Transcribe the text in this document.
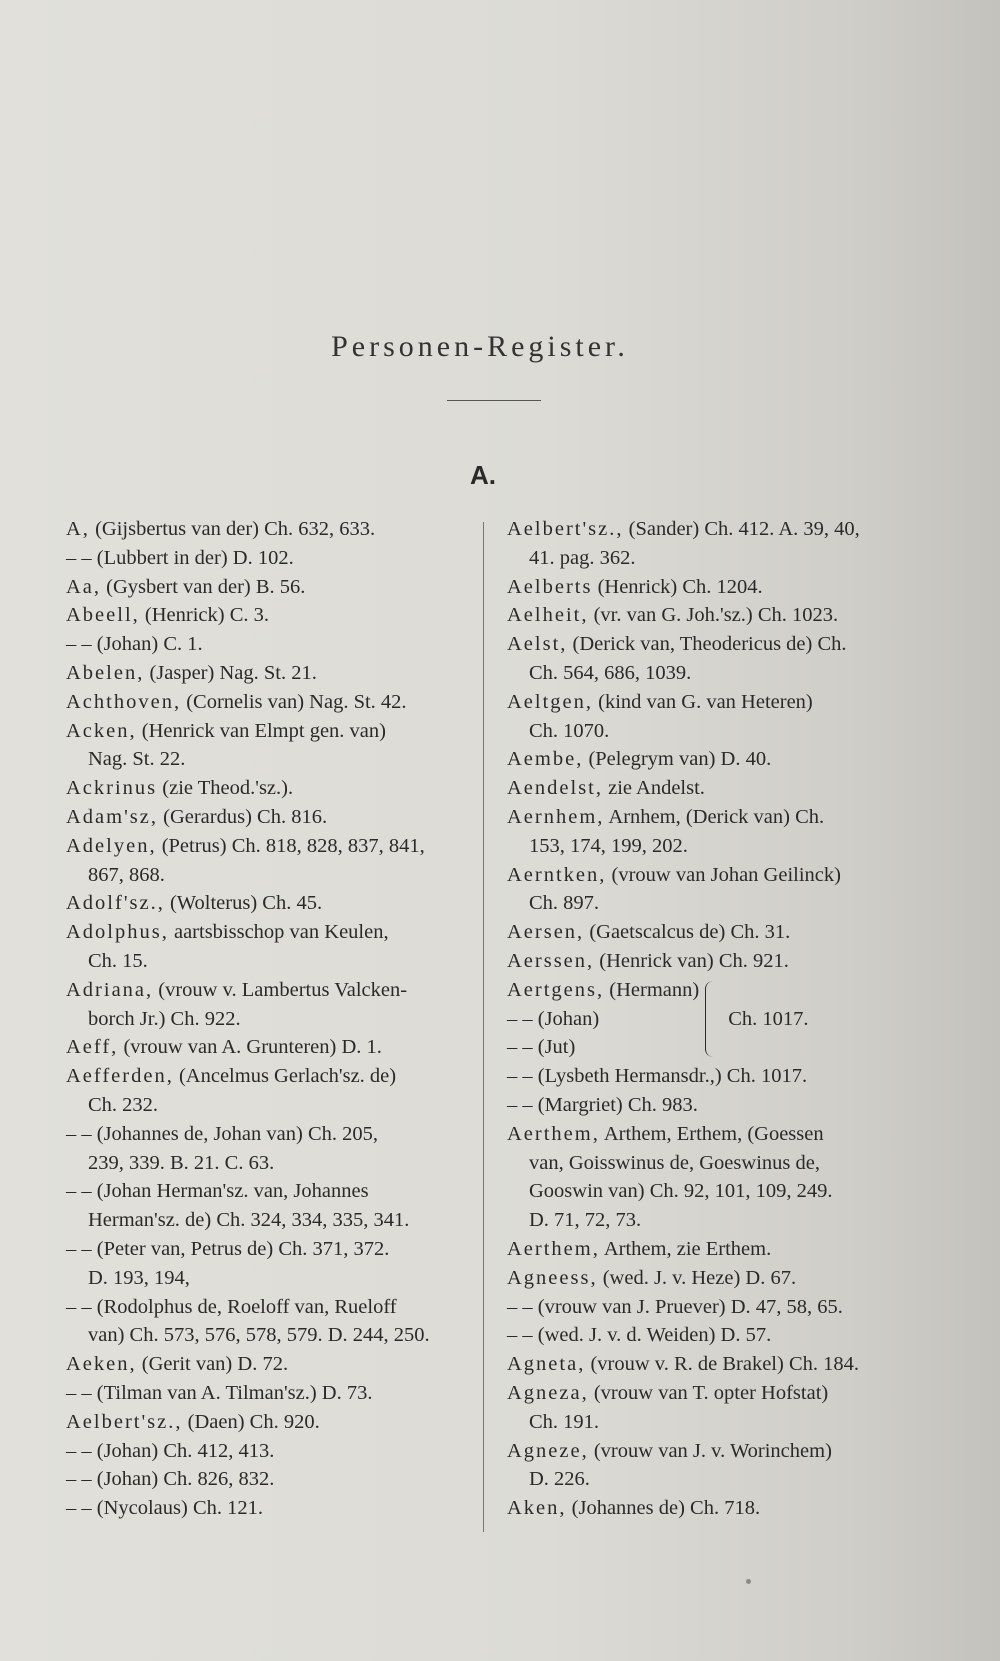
Personen-Register.
A.
A, (Gijsbertus van der) Ch. 632, 633.
– – (Lubbert in der) D. 102.
Aa, (Gysbert van der) B. 56.
Abeell, (Henrick) C. 3.
– – (Johan) C. 1.
Abelen, (Jasper) Nag. St. 21.
Achthoven, (Cornelis van) Nag. St. 42.
Acken, (Henrick van Elmpt gen. van)
Nag. St. 22.
Ackrinus (zie Theod.'sz.).
Adam'sz, (Gerardus) Ch. 816.
Adelyen, (Petrus) Ch. 818, 828, 837, 841,
867, 868.
Adolf'sz., (Wolterus) Ch. 45.
Adolphus, aartsbisschop van Keulen,
Ch. 15.
Adriana, (vrouw v. Lambertus Valcken-
borch Jr.) Ch. 922.
Aeff, (vrouw van A. Grunteren) D. 1.
Aefferden, (Ancelmus Gerlach'sz. de)
Ch. 232.
– – (Johannes de, Johan van) Ch. 205,
239, 339. B. 21. C. 63.
– – (Johan Herman'sz. van, Johannes
Herman'sz. de) Ch. 324, 334, 335, 341.
– – (Peter van, Petrus de) Ch. 371, 372.
D. 193, 194,
– – (Rodolphus de, Roeloff van, Rueloff
van) Ch. 573, 576, 578, 579. D. 244, 250.
Aeken, (Gerit van) D. 72.
– – (Tilman van A. Tilman'sz.) D. 73.
Aelbert'sz., (Daen) Ch. 920.
– – (Johan) Ch. 412, 413.
– – (Johan) Ch. 826, 832.
– – (Nycolaus) Ch. 121.
Aelbert'sz., (Sander) Ch. 412. A. 39, 40,
41. pag. 362.
Aelberts (Henrick) Ch. 1204.
Aelheit, (vr. van G. Joh.'sz.) Ch. 1023.
Aelst, (Derick van, Theodericus de) Ch.
Ch. 564, 686, 1039.
Aeltgen, (kind van G. van Heteren)
Ch. 1070.
Aembe, (Pelegrym van) D. 40.
Aendelst, zie Andelst.
Aernhem, Arnhem, (Derick van) Ch.
153, 174, 199, 202.
Aerntken, (vrouw van Johan Geilinck)
Ch. 897.
Aersen, (Gaetscalcus de) Ch. 31.
Aerssen, (Henrick van) Ch. 921.
Aertgens, (Hermann)
– – (Johan)
– – (Jut)
Ch. 1017.
– – (Lysbeth Hermansdr.,) Ch. 1017.
– – (Margriet) Ch. 983.
Aerthem, Arthem, Erthem, (Goessen
van, Goisswinus de, Goeswinus de,
Gooswin van) Ch. 92, 101, 109, 249.
D. 71, 72, 73.
Aerthem, Arthem, zie Erthem.
Agneess, (wed. J. v. Heze) D. 67.
– – (vrouw van J. Pruever) D. 47, 58, 65.
– – (wed. J. v. d. Weiden) D. 57.
Agneta, (vrouw v. R. de Brakel) Ch. 184.
Agneza, (vrouw van T. opter Hofstat)
Ch. 191.
Agneze, (vrouw van J. v. Worinchem)
D. 226.
Aken, (Johannes de) Ch. 718.
